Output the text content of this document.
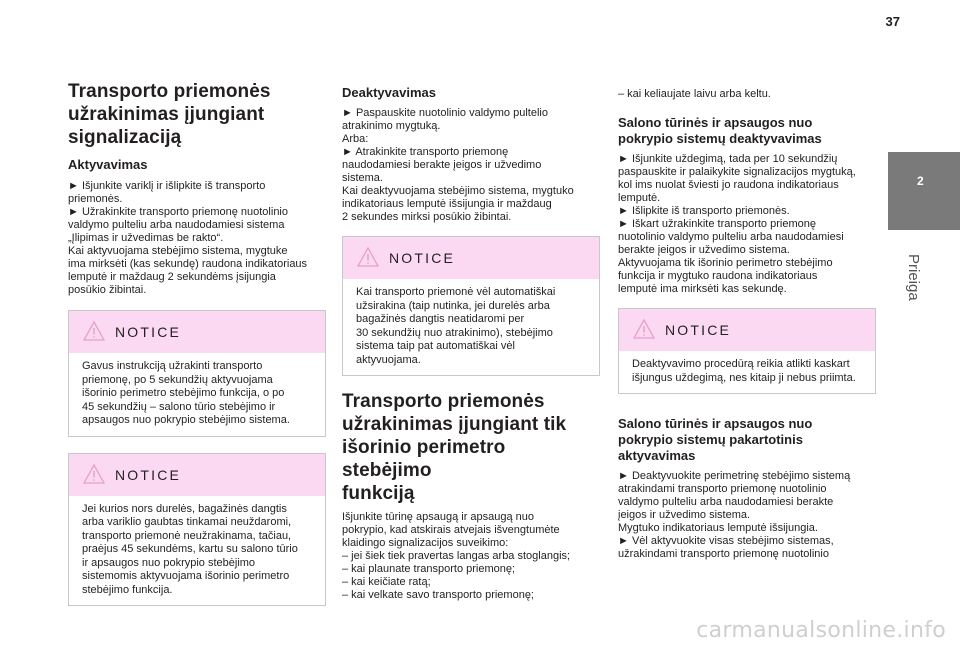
37
2
Prieiga
Transporto priemonės
užrakinimas įjungiant
signalizaciją
Aktyvavimas

► Išjunkite variklį ir išlipkite iš transporto

priemonės.

► Užrakinkite transporto priemonę nuotolinio

valdymo pulteliu arba naudodamiesi sistema

„Įlipimas ir užvedimas be rakto“.

Kai aktyvuojama stebėjimo sistema, mygtuke

ima mirksėti (kas sekundę) raudona indikatoriaus

lemputė ir maždaug 2 sekundėms įsijungia

posūkio žibintai.

NOTICE

Gavus instrukciją užrakinti transporto

priemonę, po 5 sekundžių aktyvuojama

išorinio perimetro stebėjimo funkcija, o po

45 sekundžių – salono tūrio stebėjimo ir

apsaugos nuo pokrypio stebėjimo sistema.

NOTICE

Jei kurios nors durelės, bagažinės dangtis

arba variklio gaubtas tinkamai neuždaromi,

transporto priemonė neužrakinama, tačiau,

praėjus 45 sekundėms, kartu su salono tūrio

ir apsaugos nuo pokrypio stebėjimo

sistemomis aktyvuojama išorinio perimetro

stebėjimo funkcija.

Deaktyvavimas

► Paspauskite nuotolinio valdymo pultelio

atrakinimo mygtuką.

Arba:

► Atrakinkite transporto priemonę

naudodamiesi berakte įeigos ir užvedimo

sistema.

Kai deaktyvuojama stebėjimo sistema, mygtuko

indikatoriaus lemputė išsijungia ir maždaug

2 sekundes mirksi posūkio žibintai.

NOTICE

Kai transporto priemonė vėl automatiškai

užsirakina (taip nutinka, jei durelės arba

bagažinės dangtis neatidaromi per

30 sekundžių nuo atrakinimo), stebėjimo

sistema taip pat automatiškai vėl

aktyvuojama.

Transporto priemonės
užrakinimas įjungiant tik
išorinio perimetro stebėjimo
funkciją

Išjunkite tūrinę apsaugą ir apsaugą nuo

pokrypio, kad atskirais atvejais išvengtumėte

klaidingo signalizacijos suveikimo:

– jei šiek tiek pravertas langas arba stoglangis;

– kai plaunate transporto priemonę;

– kai keičiate ratą;

– kai velkate savo transporto priemonę;

– kai keliaujate laivu arba keltu.

Salono tūrinės ir apsaugos nuo
pokrypio sistemų deaktyvavimas

► Išjunkite uždegimą, tada per 10 sekundžių

paspauskite ir palaikykite signalizacijos mygtuką,

kol ims nuolat šviesti jo raudona indikatoriaus

lemputė.

► Išlipkite iš transporto priemonės.

► Iškart užrakinkite transporto priemonę

nuotolinio valdymo pulteliu arba naudodamiesi

berakte įeigos ir užvedimo sistema.

Aktyvuojama tik išorinio perimetro stebėjimo

funkcija ir mygtuko raudona indikatoriaus

lemputė ima mirksėti kas sekundę.

NOTICE

Deaktyvavimo procedūrą reikia atlikti kaskart

išjungus uždegimą, nes kitaip ji nebus priimta.

Salono tūrinės ir apsaugos nuo
pokrypio sistemų pakartotinis
aktyvavimas

► Deaktyvuokite perimetrinę stebėjimo sistemą

atrakindami transporto priemonę nuotolinio

valdymo pulteliu arba naudodamiesi berakte

įeigos ir užvedimo sistema.

Mygtuko indikatoriaus lemputė išsijungia.

► Vėl aktyvuokite visas stebėjimo sistemas,

užrakindami transporto priemonę nuotolinio

carmanualsonline.info
